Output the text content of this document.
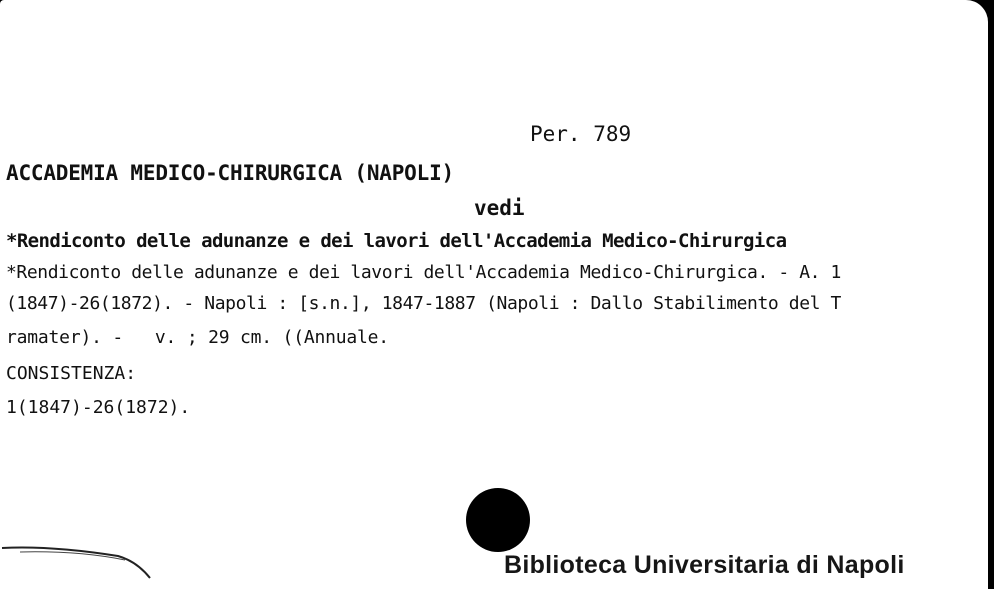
Per. 789
ACCADEMIA MEDICO-CHIRURGICA (NAPOLI)
vedi
*Rendiconto delle adunanze e dei lavori dell'Accademia Medico-Chirurgica
*Rendiconto delle adunanze e dei lavori dell'Accademia Medico-Chirurgica. - A. 1
(1847)-26(1872). - Napoli : [s.n.], 1847-1887 (Napoli : Dallo Stabilimento del T
ramater). -   v. ; 29 cm. ((Annuale.
CONSISTENZA:
1(1847)-26(1872).
Biblioteca Universitaria di Napoli
